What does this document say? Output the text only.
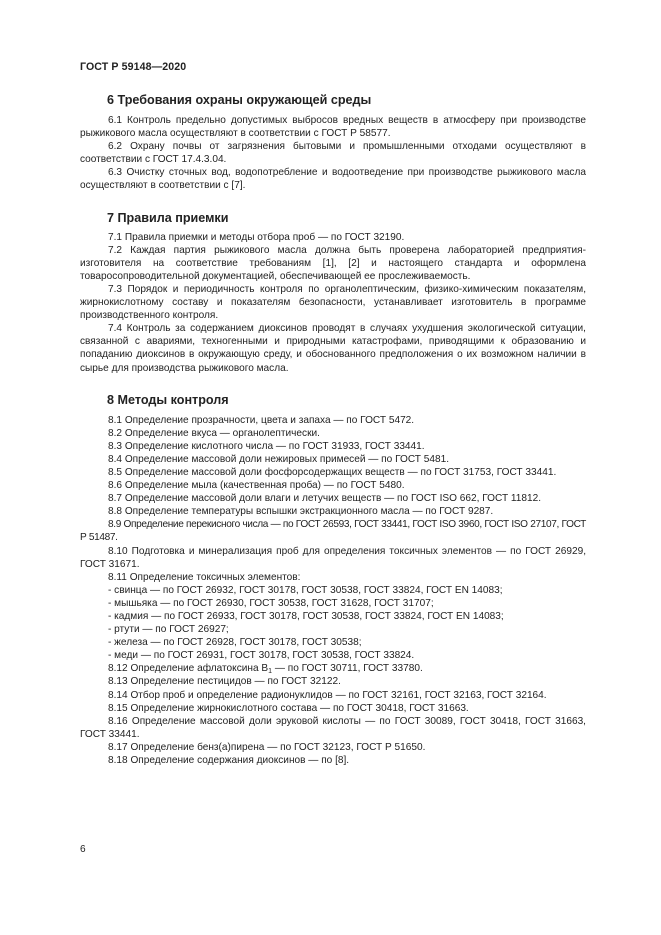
ГОСТ Р 59148—2020
6 Требования охраны окружающей среды

6.1 Контроль предельно допустимых выбросов вредных веществ в атмосферу при производстве рыжикового масла осуществляют в соответствии с ГОСТ Р 58577.

6.2 Охрану почвы от загрязнения бытовыми и промышленными отходами осуществляют в соответствии с ГОСТ 17.4.3.04.

6.3 Очистку сточных вод, водопотребление и водоотведение при производстве рыжикового масла осуществляют в соответствии с [7].

7 Правила приемки

7.1 Правила приемки и методы отбора проб — по ГОСТ 32190.

7.2 Каждая партия рыжикового масла должна быть проверена лабораторией предприятия-изготовителя на соответствие требованиям [1], [2] и настоящего стандарта и оформлена товаросопроводительной документацией, обеспечивающей ее прослеживаемость.

7.3 Порядок и периодичность контроля по органолептическим, физико-химическим показателям, жирнокислотному составу и показателям безопасности, устанавливает изготовитель в программе производственного контроля.

7.4 Контроль за содержанием диоксинов проводят в случаях ухудшения экологической ситуации, связанной с авариями, техногенными и природными катастрофами, приводящими к образованию и попаданию диоксинов в окружающую среду, и обоснованного предположения о их возможном наличии в сырье для производства рыжикового масла.

8 Методы контроля

8.1 Определение прозрачности, цвета и запаха — по ГОСТ 5472.

8.2 Определение вкуса — органолептически.

8.3 Определение кислотного числа — по ГОСТ 31933, ГОСТ 33441.

8.4 Определение массовой доли нежировых примесей — по ГОСТ 5481.

8.5 Определение массовой доли фосфорсодержащих веществ — по ГОСТ 31753, ГОСТ 33441.

8.6 Определение мыла (качественная проба) — по ГОСТ 5480.

8.7 Определение массовой доли влаги и летучих веществ — по ГОСТ ISO 662, ГОСТ 11812.

8.8 Определение температуры вспышки экстракционного масла — по ГОСТ 9287.

8.9 Определение перекисного числа — по ГОСТ 26593, ГОСТ 33441, ГОСТ ISO 3960, ГОСТ ISO 27107, ГОСТ Р 51487.

8.10 Подготовка и минерализация проб для определения токсичных элементов — по ГОСТ 26929, ГОСТ 31671.

8.11 Определение токсичных элементов:

- свинца — по ГОСТ 26932, ГОСТ 30178, ГОСТ 30538, ГОСТ 33824, ГОСТ EN 14083;

- мышьяка — по ГОСТ 26930, ГОСТ 30538, ГОСТ 31628, ГОСТ 31707;

- кадмия — по ГОСТ 26933, ГОСТ 30178, ГОСТ 30538, ГОСТ 33824, ГОСТ EN 14083;

- ртути — по ГОСТ 26927;

- железа — по ГОСТ 26928, ГОСТ 30178, ГОСТ 30538;

- меди — по ГОСТ 26931, ГОСТ 30178, ГОСТ 30538, ГОСТ 33824.

8.12 Определение афлатоксина $В_1$ — по ГОСТ 30711, ГОСТ 33780.

8.13 Определение пестицидов — по ГОСТ 32122.

8.14 Отбор проб и определение радионуклидов — по ГОСТ 32161, ГОСТ 32163, ГОСТ 32164.

8.15 Определение жирнокислотного состава — по ГОСТ 30418, ГОСТ 31663.

8.16 Определение массовой доли эруковой кислоты — по ГОСТ 30089, ГОСТ 30418, ГОСТ 31663, ГОСТ 33441.

8.17 Определение бенз(а)пирена — по ГОСТ 32123, ГОСТ Р 51650.

8.18 Определение содержания диоксинов — по [8].

6
